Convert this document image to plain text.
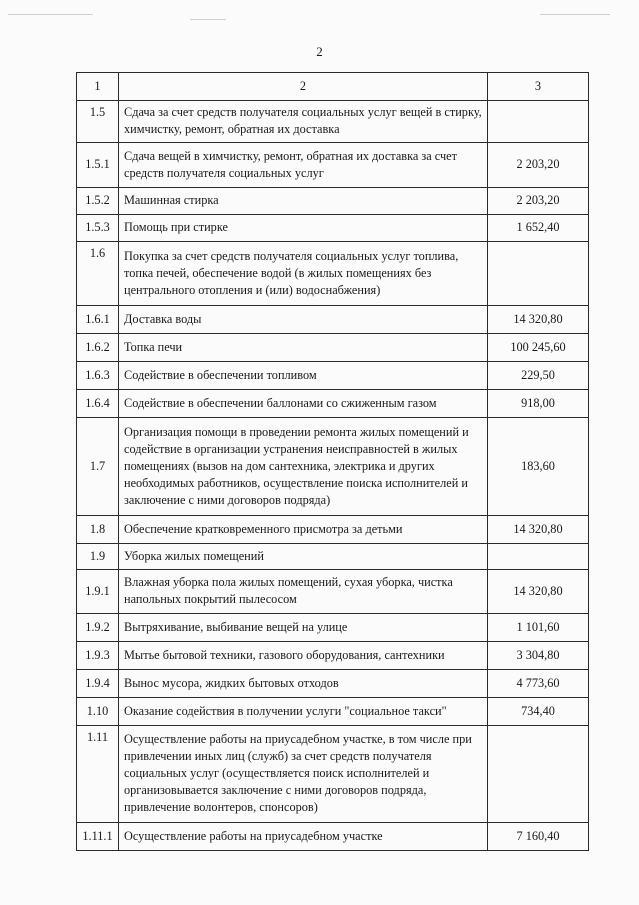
2
1	2	3
1.5	Сдача за счет средств получателя социальных услуг вещей в стирку, химчистку, ремонт, обратная их доставка	
1.5.1	Сдача вещей в химчистку, ремонт, обратная их доставка за счет средств получателя социальных услуг	2 203,20
1.5.2	Машинная стирка	2 203,20
1.5.3	Помощь при стирке	1 652,40
1.6	Покупка за счет средств получателя социальных услуг топлива, топка печей, обеспечение водой (в жилых помещениях без центрального отопления и (или) водоснабжения)	
1.6.1	Доставка воды	14 320,80
1.6.2	Топка печи	100 245,60
1.6.3	Содействие в обеспечении топливом	229,50
1.6.4	Содействие в обеспечении баллонами со сжиженным газом	918,00
1.7	Организация помощи в проведении ремонта жилых помещений и содействие в организации устранения неисправностей в жилых помещениях (вызов на дом сантехника, электрика и других необходимых работников, осуществление поиска исполнителей и заключение с ними договоров подряда)	183,60
1.8	Обеспечение кратковременного присмотра за детьми	14 320,80
1.9	Уборка жилых помещений	
1.9.1	Влажная уборка пола жилых помещений, сухая уборка, чистка напольных покрытий пылесосом	14 320,80
1.9.2	Вытряхивание, выбивание вещей на улице	1 101,60
1.9.3	Мытье бытовой техники, газового оборудования, сантехники	3 304,80
1.9.4	Вынос мусора, жидких бытовых отходов	4 773,60
1.10	Оказание содействия в получении услуги "социальное такси"	734,40
1.11	Осуществление работы на приусадебном участке, в том числе при привлечении иных лиц (служб) за счет средств получателя социальных услуг (осуществляется поиск исполнителей и организовывается заключение с ними договоров подряда, привлечение волонтеров, спонсоров)	
1.11.1	Осуществление работы на приусадебном участке	7 160,40
